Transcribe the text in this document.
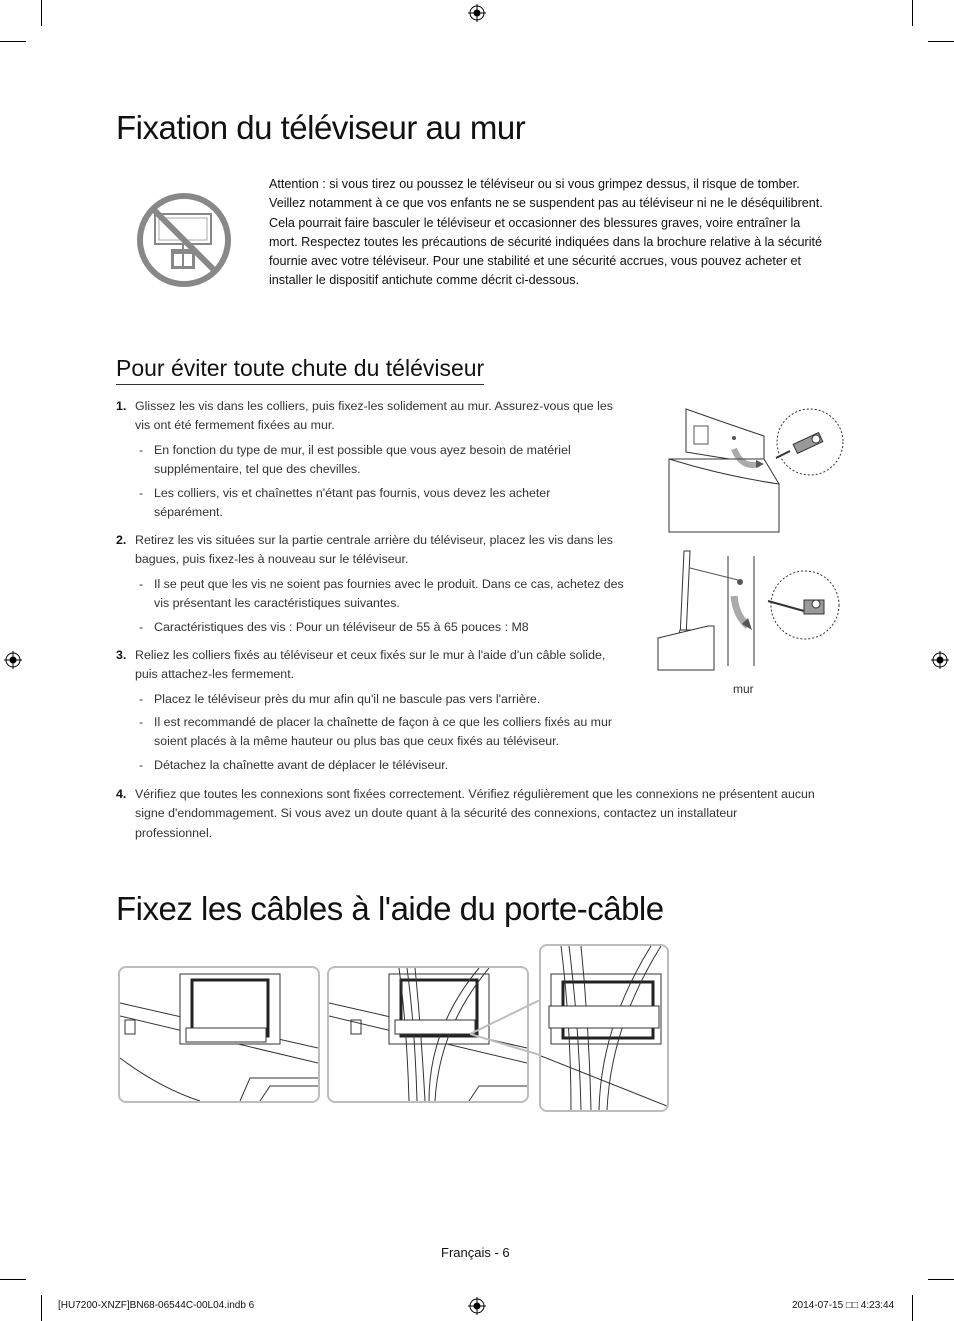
Fixation du téléviseur au mur
Attention : si vous tirez ou poussez le téléviseur ou si vous grimpez dessus, il risque de tomber. Veillez notamment à ce que vos enfants ne se suspendent pas au téléviseur ni ne le déséquilibrent. Cela pourrait faire basculer le téléviseur et occasionner des blessures graves, voire entraîner la mort. Respectez toutes les précautions de sécurité indiquées dans la brochure relative à la sécurité fournie avec votre téléviseur. Pour une stabilité et une sécurité accrues, vous pouvez acheter et installer le dispositif antichute comme décrit ci-dessous.
Pour éviter toute chute du téléviseur
1. Glissez les vis dans les colliers, puis fixez-les solidement au mur. Assurez-vous que les vis ont été fermement fixées au mur.
- En fonction du type de mur, il est possible que vous ayez besoin de matériel supplémentaire, tel que des chevilles.
- Les colliers, vis et chaînettes n'étant pas fournis, vous devez les acheter séparément.
2. Retirez les vis situées sur la partie centrale arrière du téléviseur, placez les vis dans les bagues, puis fixez-les à nouveau sur le téléviseur.
- Il se peut que les vis ne soient pas fournies avec le produit. Dans ce cas, achetez des vis présentant les caractéristiques suivantes.
- Caractéristiques des vis : Pour un téléviseur de 55 à 65 pouces : M8
3. Reliez les colliers fixés au téléviseur et ceux fixés sur le mur à l'aide d'un câble solide, puis attachez-les fermement.
- Placez le téléviseur près du mur afin qu'il ne bascule pas vers l'arrière.
- Il est recommandé de placer la chaînette de façon à ce que les colliers fixés au mur soient placés à la même hauteur ou plus bas que ceux fixés au téléviseur.
- Détachez la chaînette avant de déplacer le téléviseur.
4. Vérifiez que toutes les connexions sont fixées correctement. Vérifiez régulièrement que les connexions ne présentent aucun signe d'endommagement. Si vous avez un doute quant à la sécurité des connexions, contactez un installateur professionnel.
mur
Fixez les câbles à l'aide du porte-câble
Français - 6
[HU7200-XNZF]BN68-06544C-00L04.indb 6	2014-07-15 □□ 4:23:44
